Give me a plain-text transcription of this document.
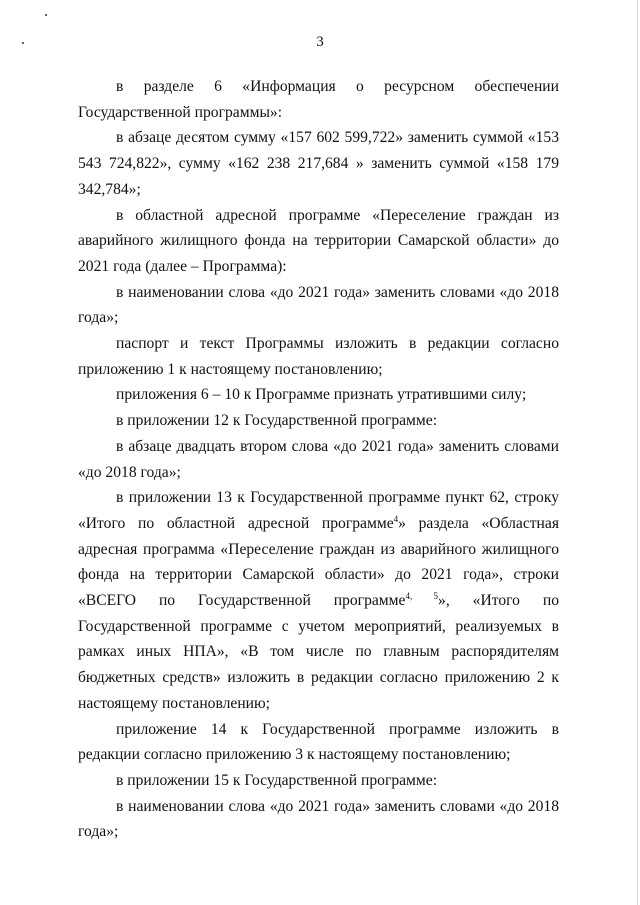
3

в разделе 6 «Информация о ресурсном обеспечении Государственной программы»:

в абзаце десятом сумму «157 602 599,722» заменить суммой «153 543 724,822», сумму «162 238 217,684 » заменить суммой «158 179 342,784»;

в областной адресной программе «Переселение граждан из аварийного жилищного фонда на территории Самарской области» до 2021 года (далее – Программа):

в наименовании слова «до 2021 года» заменить словами «до 2018 года»;

паспорт и текст Программы изложить в редакции согласно приложению 1 к настоящему постановлению;

приложения 6 – 10 к Программе признать утратившими силу;

в приложении 12 к Государственной программе:

в абзаце двадцать втором слова «до 2021 года» заменить словами «до 2018 года»;

в приложении 13 к Государственной программе пункт 62, строку «Итого по областной адресной программе$^4$» раздела «Областная адресная программа «Переселение граждан из аварийного жилищного фонда на территории Самарской области» до 2021 года», строки «ВСЕГО по Государственной программе$^{4, 5}$», «Итого по Государственной программе с учетом мероприятий, реализуемых в рамках иных НПА», «В том числе по главным распорядителям бюджетных средств» изложить в редакции согласно приложению 2 к настоящему постановлению;

приложение 14 к Государственной программе изложить в редакции согласно приложению 3 к настоящему постановлению;

в приложении 15 к Государственной программе:

в наименовании слова «до 2021 года» заменить словами «до 2018 года»;
